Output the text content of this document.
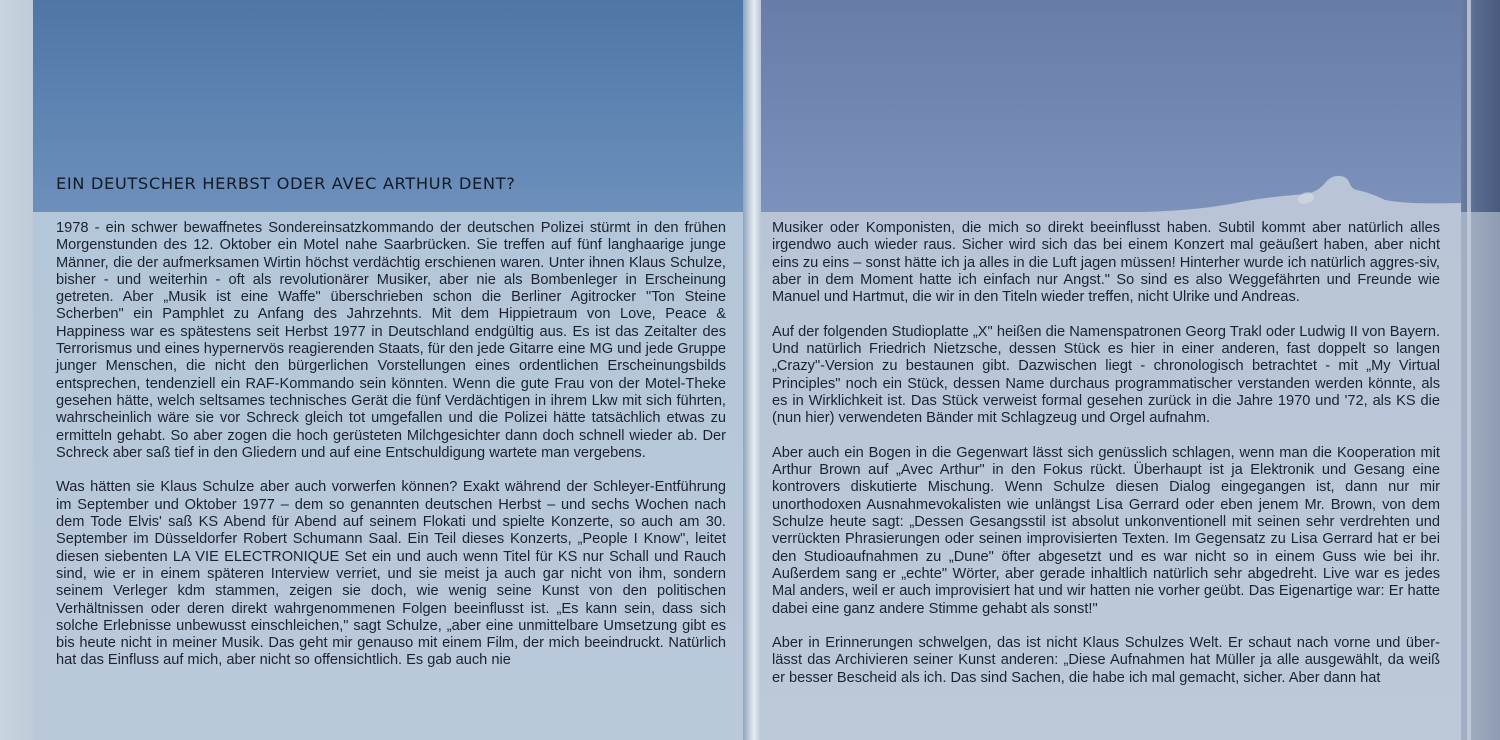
EIN DEUTSCHER HERBST ODER AVEC ARTHUR DENT?

1978 - ein schwer bewaffnetes Sondereinsatzkommando der deutschen Polizei stürmt in den frühen Morgenstunden des 12. Oktober ein Motel nahe Saarbrücken. Sie treffen auf fünf langhaarige junge Männer, die der aufmerksamen Wirtin höchst verdächtig erschienen waren. Unter ihnen Klaus Schulze, bisher - und weiterhin - oft als revolutionärer Musiker, aber nie als Bombenleger in Erscheinung getreten. Aber „Musik ist eine Waffe" überschrieben schon die Berliner Agitrocker "Ton Steine Scherben" ein Pamphlet zu Anfang des Jahrzehnts. Mit dem Hippietraum von Love, Peace & Happiness war es spätestens seit Herbst 1977 in Deutschland endgültig aus. Es ist das Zeitalter des Terrorismus und eines hypernervös reagierenden Staats, für den jede Gitarre eine MG und jede Gruppe junger Menschen, die nicht den bürgerlichen Vorstellungen eines ordentlichen Erscheinungsbilds entsprechen, tendenziell ein RAF-Kommando sein könnten. Wenn die gute Frau von der Motel-Theke gesehen hätte, welch seltsames technisches Gerät die fünf Verdächtigen in ihrem Lkw mit sich führten, wahrscheinlich wäre sie vor Schreck gleich tot umgefallen und die Polizei hätte tatsächlich etwas zu ermitteln gehabt. So aber zogen die hoch gerüsteten Milchgesichter dann doch schnell wieder ab. Der Schreck aber saß tief in den Gliedern und auf eine Entschuldigung wartete man vergebens.

Was hätten sie Klaus Schulze aber auch vorwerfen können? Exakt während der Schleyer-Entführung im September und Oktober 1977 – dem so genannten deutschen Herbst – und sechs Wochen nach dem Tode Elvis' saß KS Abend für Abend auf seinem Flokati und spielte Konzerte, so auch am 30. September im Düsseldorfer Robert Schumann Saal. Ein Teil dieses Konzerts, „People I Know", leitet diesen siebenten LA VIE ELECTRONIQUE Set ein und auch wenn Titel für KS nur Schall und Rauch sind, wie er in einem späteren Interview verriet, und sie meist ja auch gar nicht von ihm, sondern seinem Verleger kdm stammen, zeigen sie doch, wie wenig seine Kunst von den politischen Verhältnissen oder deren direkt wahrgenommenen Folgen beeinflusst ist. „Es kann sein, dass sich solche Erlebnisse unbewusst einschleichen," sagt Schulze, „aber eine unmittelbare Umsetzung gibt es bis heute nicht in meiner Musik. Das geht mir genauso mit einem Film, der mich beeindruckt. Natürlich hat das Einfluss auf mich, aber nicht so offensichtlich. Es gab auch nie

Musiker oder Komponisten, die mich so direkt beeinflusst haben. Subtil kommt aber natürlich alles irgendwo auch wieder raus. Sicher wird sich das bei einem Konzert mal geäußert haben, aber nicht eins zu eins – sonst hätte ich ja alles in die Luft jagen müssen! Hinterher wurde ich natürlich aggres-siv, aber in dem Moment hatte ich einfach nur Angst." So sind es also Weggefährten und Freunde wie Manuel und Hartmut, die wir in den Titeln wieder treffen, nicht Ulrike und Andreas.

Auf der folgenden Studioplatte „X" heißen die Namenspatronen Georg Trakl oder Ludwig II von Bayern. Und natürlich Friedrich Nietzsche, dessen Stück es hier in einer anderen, fast doppelt so langen „Crazy"-Version zu bestaunen gibt. Dazwischen liegt - chronologisch betrachtet - mit „My Virtual Principles" noch ein Stück, dessen Name durchaus programmatischer verstanden werden könnte, als es in Wirklichkeit ist. Das Stück verweist formal gesehen zurück in die Jahre 1970 und '72, als KS die (nun hier) verwendeten Bänder mit Schlagzeug und Orgel aufnahm.

Aber auch ein Bogen in die Gegenwart lässt sich genüsslich schlagen, wenn man die Kooperation mit Arthur Brown auf „Avec Arthur" in den Fokus rückt. Überhaupt ist ja Elektronik und Gesang eine kontrovers diskutierte Mischung. Wenn Schulze diesen Dialog eingegangen ist, dann nur mir unorthodoxen Ausnahmevokalisten wie unlängst Lisa Gerrard oder eben jenem Mr. Brown, von dem Schulze heute sagt: „Dessen Gesangsstil ist absolut unkonventionell mit seinen sehr verdrehten und verrückten Phrasierungen oder seinen improvisierten Texten. Im Gegensatz zu Lisa Gerrard hat er bei den Studioaufnahmen zu „Dune" öfter abgesetzt und es war nicht so in einem Guss wie bei ihr. Außerdem sang er „echte" Wörter, aber gerade inhaltlich natürlich sehr abgedreht. Live war es jedes Mal anders, weil er auch improvisiert hat und wir hatten nie vorher geübt. Das Eigenartige war: Er hatte dabei eine ganz andere Stimme gehabt als sonst!"

Aber in Erinnerungen schwelgen, das ist nicht Klaus Schulzes Welt. Er schaut nach vorne und über-lässt das Archivieren seiner Kunst anderen: „Diese Aufnahmen hat Müller ja alle ausgewählt, da weiß er besser Bescheid als ich. Das sind Sachen, die habe ich mal gemacht, sicher. Aber dann hat
